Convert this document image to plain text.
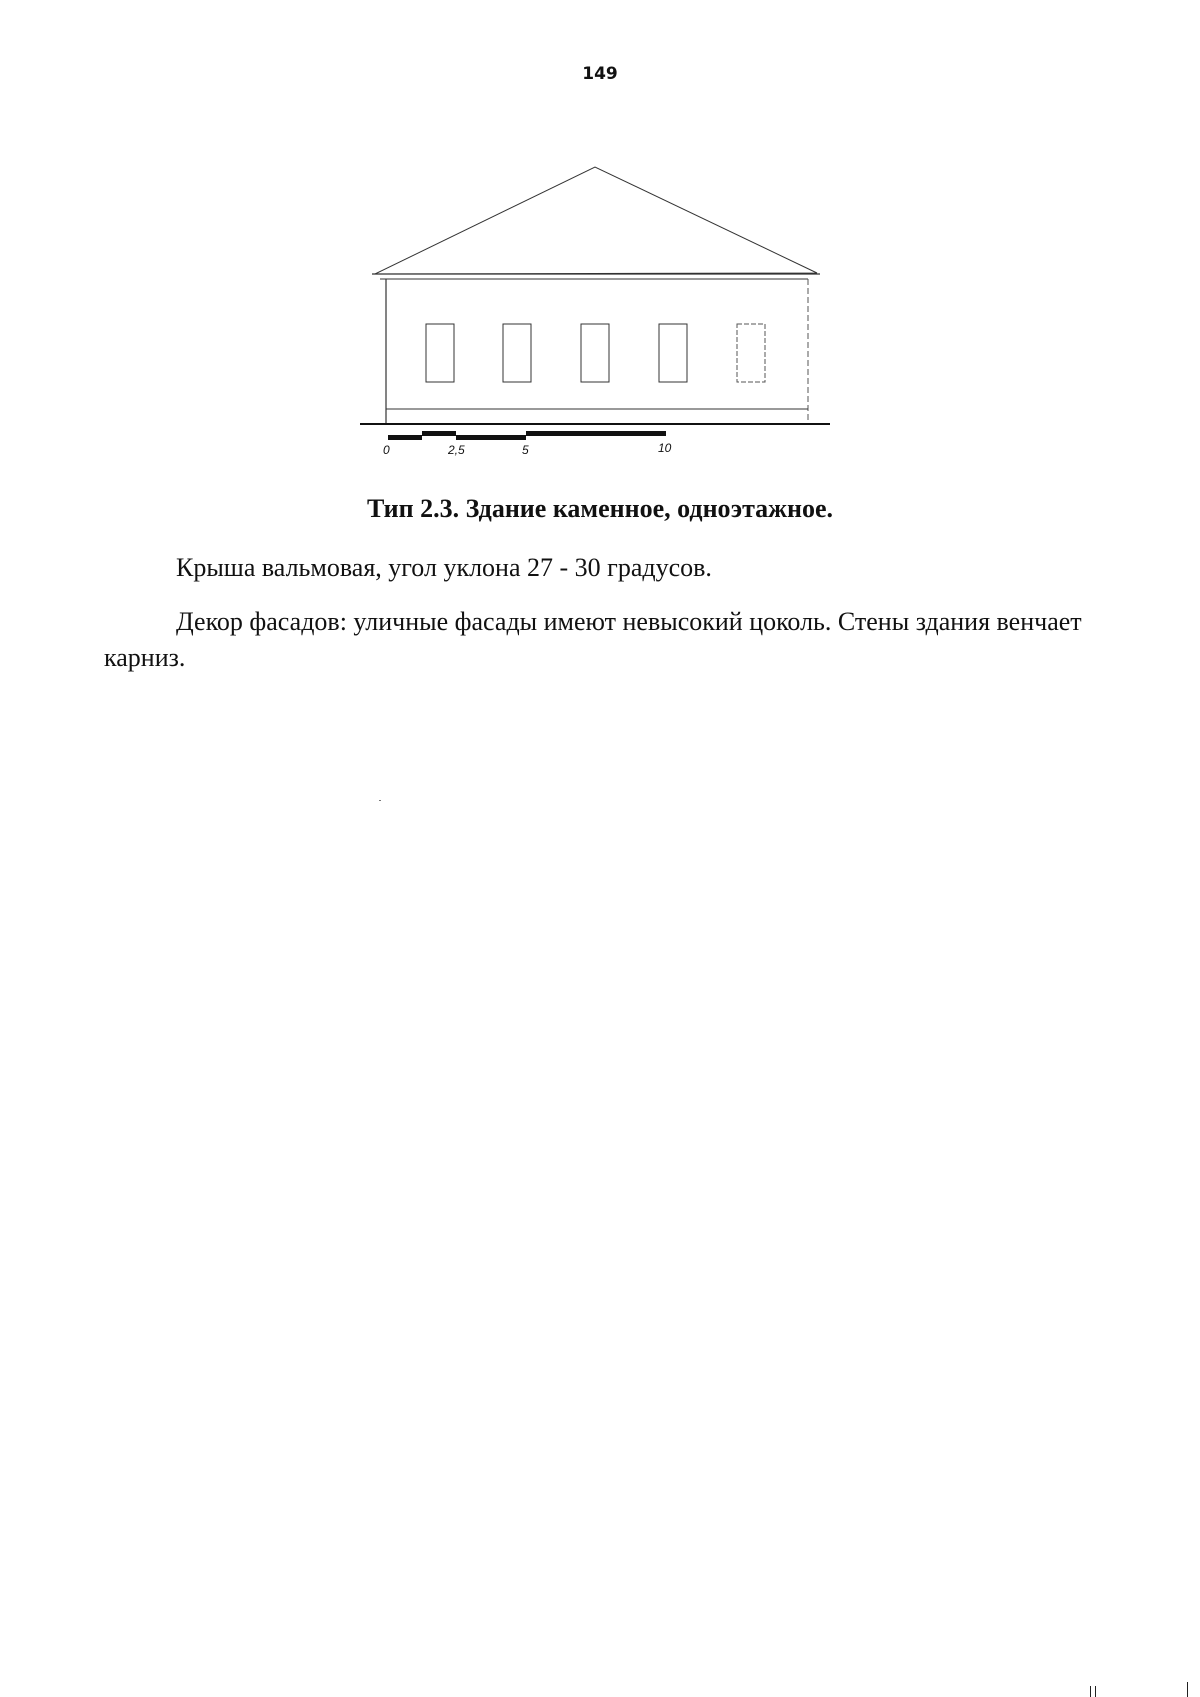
149
0	2,5	5	10
Тип 2.3. Здание каменное, одноэтажное.

Крыша вальмовая, угол уклона 27 - 30 градусов.

Декор фасадов: уличные фасады имеют невысокий цоколь. Стены здания венчает карниз.
